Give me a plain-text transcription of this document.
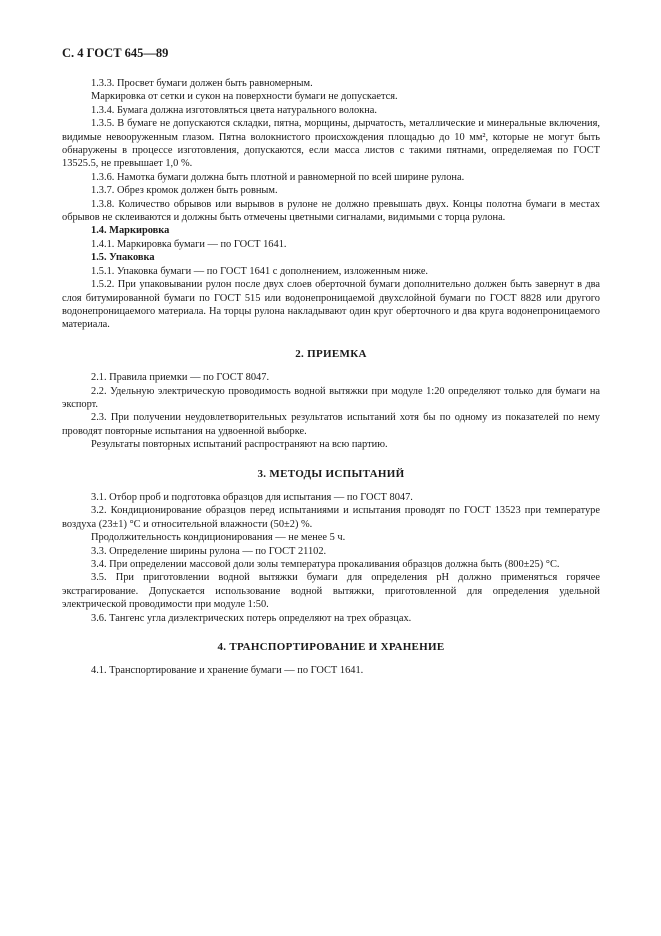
С. 4 ГОСТ 645—89

1.3.3. Просвет бумаги должен быть равномерным.

Маркировка от сетки и сукон на поверхности бумаги не допускается.

1.3.4. Бумага должна изготовляться цвета натурального волокна.

1.3.5. В бумаге не допускаются складки, пятна, морщины, дырчатость, металлические и минеральные включения, видимые невооруженным глазом. Пятна волокнистого происхождения площадью до 10 мм², которые не могут быть обнаружены в процессе изготовления, допускаются, если масса листов с такими пятнами, определяемая по ГОСТ 13525.5, не превышает 1,0 %.

1.3.6. Намотка бумаги должна быть плотной и равномерной по всей ширине рулона.

1.3.7. Обрез кромок должен быть ровным.

1.3.8. Количество обрывов или вырывов в рулоне не должно превышать двух. Концы полотна бумаги в местах обрывов не склеиваются и должны быть отмечены цветными сигналами, видимыми с торца рулона.

1.4. Маркировка

1.4.1. Маркировка бумаги — по ГОСТ 1641.

1.5. Упаковка

1.5.1. Упаковка бумаги — по ГОСТ 1641 с дополнением, изложенным ниже.

1.5.2. При упаковывании рулон после двух слоев оберточной бумаги дополнительно должен быть завернут в два слоя битумированной бумаги по ГОСТ 515 или водонепроницаемой двухслойной бумаги по ГОСТ 8828 или другого водонепроницаемого материала. На торцы рулона накладывают один круг оберточного и два круга водонепроницаемого материала.

2. ПРИЕМКА

2.1. Правила приемки — по ГОСТ 8047.

2.2. Удельную электрическую проводимость водной вытяжки при модуле 1:20 определяют только для бумаги на экспорт.

2.3. При получении неудовлетворительных результатов испытаний хотя бы по одному из показателей по нему проводят повторные испытания на удвоенной выборке.

Результаты повторных испытаний распространяют на всю партию.

3. МЕТОДЫ ИСПЫТАНИЙ

3.1. Отбор проб и подготовка образцов для испытания — по ГОСТ 8047.

3.2. Кондиционирование образцов перед испытаниями и испытания проводят по ГОСТ 13523 при температуре воздуха (23±1) °С и относительной влажности (50±2) %.

Продолжительность кондиционирования — не менее 5 ч.

3.3. Определение ширины рулона — по ГОСТ 21102.

3.4. При определении массовой доли золы температура прокаливания образцов должна быть (800±25) °С.

3.5. При приготовлении водной вытяжки бумаги для определения рН должно применяться горячее экстрагирование. Допускается использование водной вытяжки, приготовленной для определения удельной электрической проводимости при модуле 1:50.

3.6. Тангенс угла диэлектрических потерь определяют на трех образцах.

4. ТРАНСПОРТИРОВАНИЕ И ХРАНЕНИЕ

4.1. Транспортирование и хранение бумаги — по ГОСТ 1641.
